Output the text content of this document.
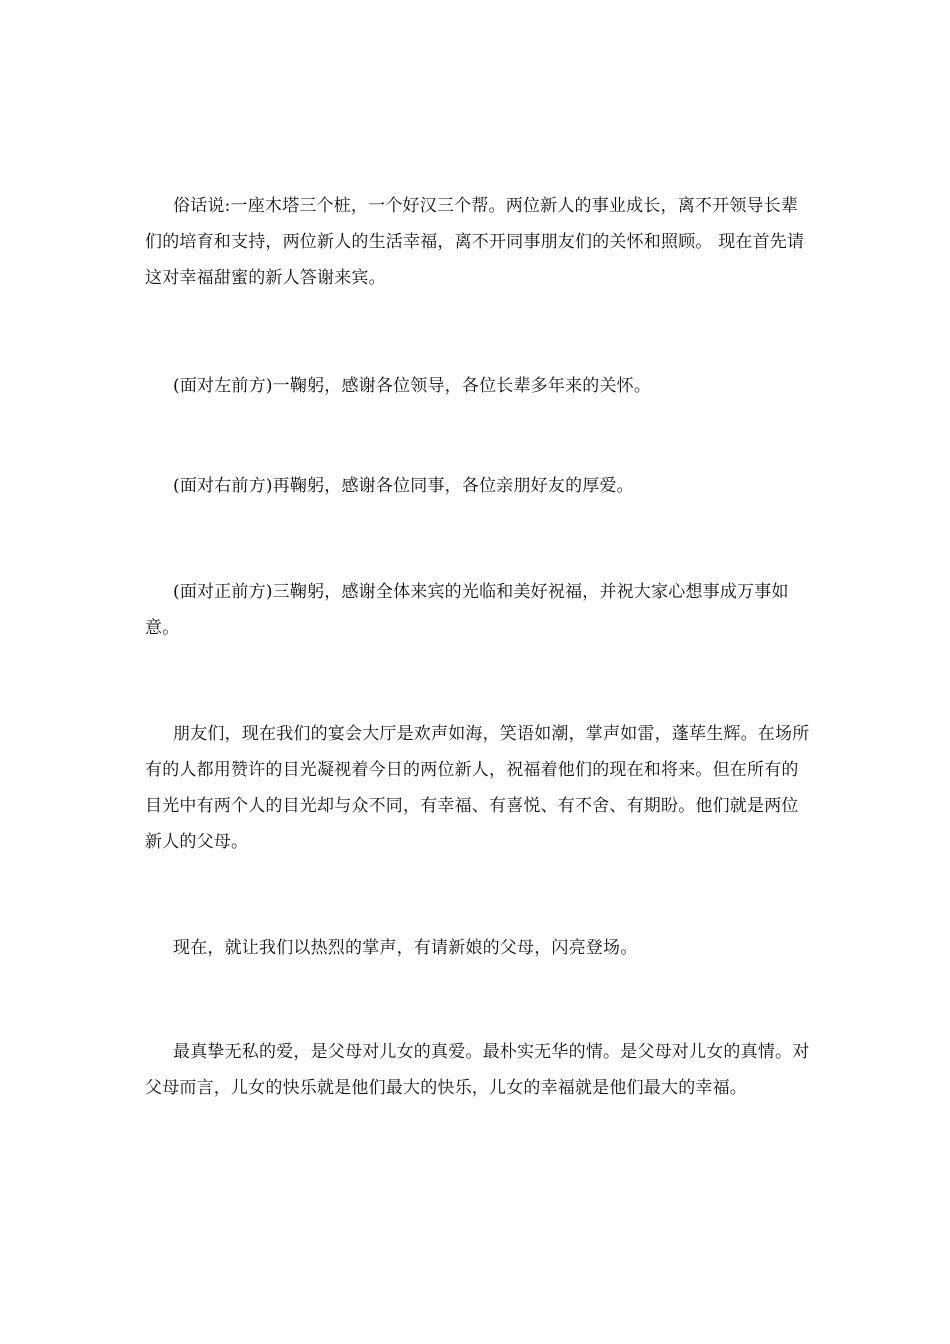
俗话说:一座木塔三个桩，一个好汉三个帮。两位新人的事业成长，离不开领导长辈们的培育和支持，两位新人的生活幸福，离不开同事朋友们的关怀和照顾。 现在首先请这对幸福甜蜜的新人答谢来宾。

(面对左前方)一鞠躬，感谢各位领导，各位长辈多年来的关怀。

(面对右前方)再鞠躬，感谢各位同事，各位亲朋好友的厚爱。

(面对正前方)三鞠躬，感谢全体来宾的光临和美好祝福，并祝大家心想事成万事如意。

朋友们，现在我们的宴会大厅是欢声如海，笑语如潮，掌声如雷，蓬荜生辉。在场所有的人都用赞许的目光凝视着今日的两位新人，祝福着他们的现在和将来。但在所有的目光中有两个人的目光却与众不同，有幸福、有喜悦、有不舍、有期盼。他们就是两位新人的父母。

现在，就让我们以热烈的掌声，有请新娘的父母，闪亮登场。

最真挚无私的爱，是父母对儿女的真爱。最朴实无华的情。是父母对儿女的真情。对父母而言，儿女的快乐就是他们最大的快乐，儿女的幸福就是他们最大的幸福。
